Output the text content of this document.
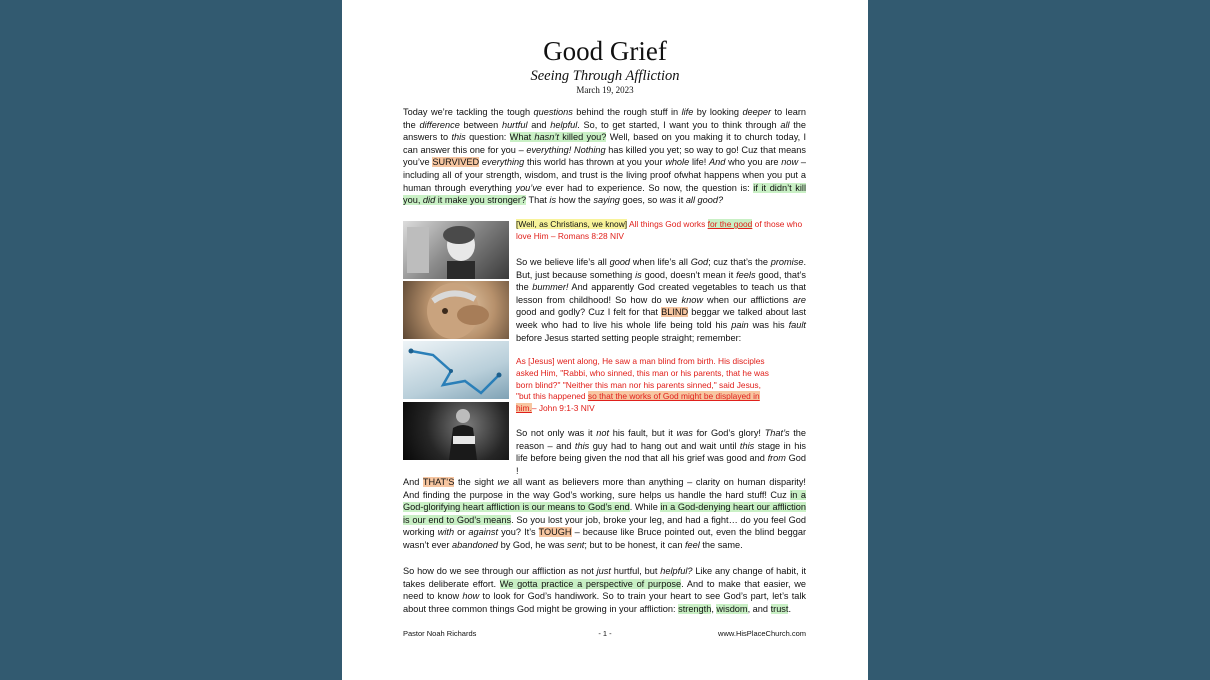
Good Grief
Seeing Through Affliction
March 19, 2023

Today we’re tackling the tough questions behind the rough stuff in life by looking deeper to learn the difference between hurtful and helpful. So, to get started, I want you to think through all the answers to this question: What hasn’t killed you? Well, based on you making it to church today, I can answer this one for you – everything! Nothing has killed you yet; so way to go! Cuz that means you’ve SURVIVED everything this world has thrown at you your whole life! And who you are now – including all of your strength, wisdom, and trust is the living proof ofwhat happens when you put a human through everything you’ve ever had to experience. So now, the question is: if it didn’t kill you, did it make you stronger? That is how the saying goes, so was it all good?

[Well, as Christians, we know] All things God works for the good of those who love Him – Romans 8:28 NIV

So we believe life’s all good when life’s all God; cuz that’s the promise. But, just because something is good, doesn’t mean it feels good, that’s the bummer! And apparently God created vegetables to teach us that lesson from childhood! So how do we know when our afflictions are good and godly? Cuz I felt for that BLIND beggar we talked about last week who had to live his whole life being told his pain was his fault before Jesus started setting people straight; remember:

As [Jesus] went along, He saw a man blind from birth. His disciples asked Him, "Rabbi, who sinned, this man or his parents, that he was born blind?" "Neither this man nor his parents sinned," said Jesus, "but this happened so that the works of God might be displayed in him.– John 9:1-3 NIV

So not only was it not his fault, but it was for God’s glory! That’s the reason – and this guy had to hang out and wait until this stage in his life before being given the nod that all his grief was good and from God !

And THAT’S the sight we all want as believers more than anything – clarity on human disparity! And finding the purpose in the way God’s working, sure helps us handle the hard stuff! Cuz in a God-glorifying heart affliction is our means to God’s end. While in a God-denying heart our affliction is our end to God’s means. So you lost your job, broke your leg, and had a fight… do you feel God working with or against you? It’s TOUGH – because like Bruce pointed out, even the blind beggar wasn’t ever abandoned by God, he was sent; but to be honest, it can feel the same.

So how do we see through our affliction as not just hurtful, but helpful? Like any change of habit, it takes deliberate effort. We gotta practice a perspective of purpose. And to make that easier, we need to know how to look for God’s handiwork. So to train your heart to see God’s part, let’s talk about three common things God might be growing in your affliction: strength, wisdom, and trust.

Pastor Noah Richards	- 1 -	www.HisPlaceChurch.com
